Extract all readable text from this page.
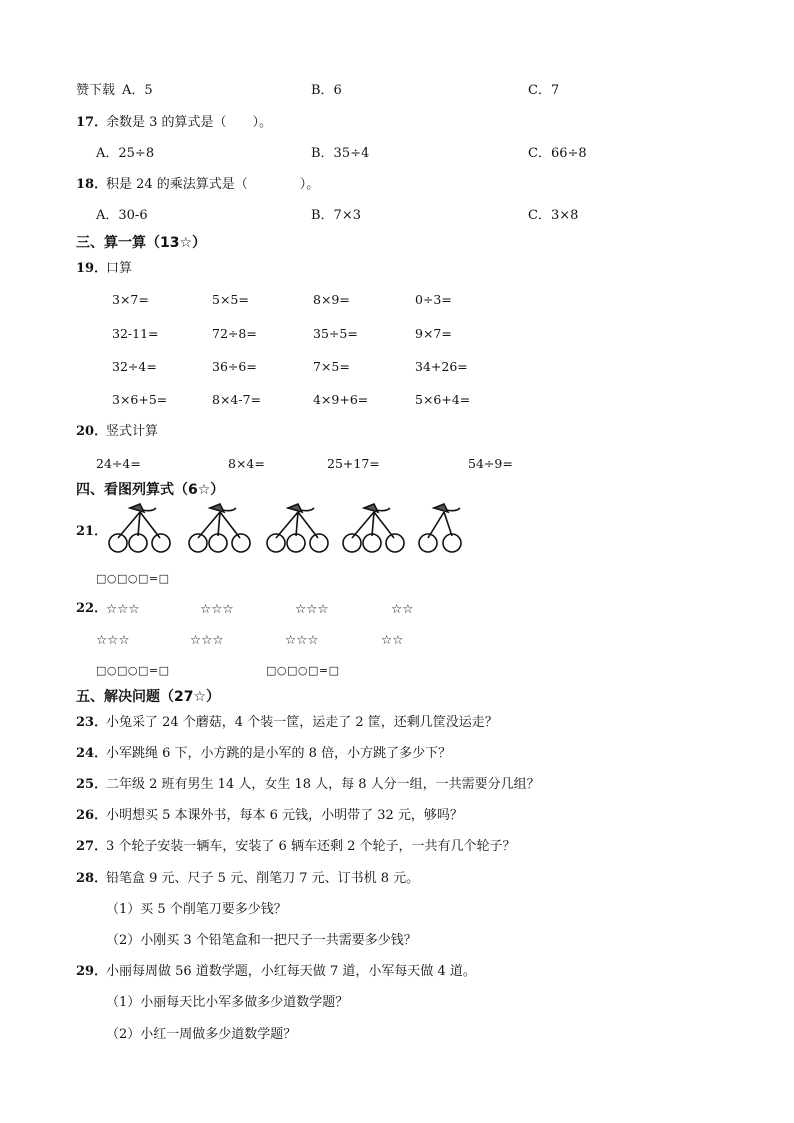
赞下载 A．5	B．6	C．7
17．
余数是 3 的算式是（　　）。
A．25÷8	B．35÷4	C．66÷8
18．
积是 24 的乘法算式是（　　　　）。
A．30-6	B．7×3	C．3×8
三、算一算（13☆）
19．
口算
3×7=	5×5=	8×9=	0÷3=
32-11=	72÷8=	35÷5=	9×7=
32÷4=	36÷6=	7×5=	34+26=
3×6+5=	8×4-7=	4×9+6=	5×6+4=
20．
竖式计算
24÷4=	8×4=	25+17=	54÷9=
四、看图列算式（6☆）
21．
□○□○□=□
22．
☆☆☆	☆☆☆	☆☆☆	☆☆
☆☆☆	☆☆☆	☆☆☆	☆☆
□○□○□=□	□○□○□=□
五、解决问题（27☆）
23．
小兔采了 24 个蘑菇，4 个装一筐，运走了 2 筐，还剩几筐没运走？
24．
小军跳绳 6 下，小方跳的是小军的 8 倍，小方跳了多少下？
25．
二年级 2 班有男生 14 人，女生 18 人，每 8 人分一组，一共需要分几组？
26．
小明想买 5 本课外书，每本 6 元钱，小明带了 32 元，够吗？
27．
3 个轮子安装一辆车，安装了 6 辆车还剩 2 个轮子，一共有几个轮子？
28．
铅笔盒 9 元、尺子 5 元、削笔刀 7 元、订书机 8 元。
（1）买 5 个削笔刀要多少钱？
（2）小刚买 3 个铅笔盒和一把尺子一共需要多少钱？
29．
小丽每周做 56 道数学题，小红每天做 7 道，小军每天做 4 道。
（1）小丽每天比小军多做多少道数学题？
（2）小红一周做多少道数学题？
